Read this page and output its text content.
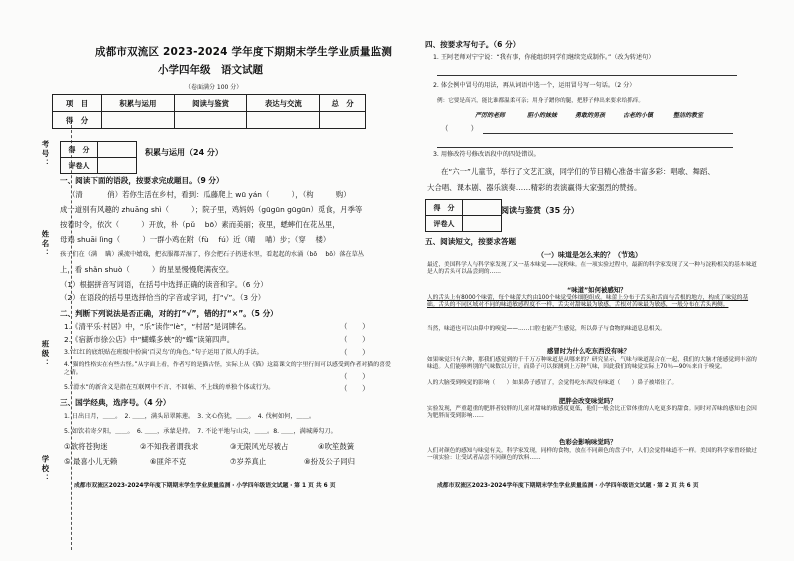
考号：
姓名：
班级：
学校：
成都市双流区 2023-2024 学年度下期期末学生学业质量监测
小学四年级　语文试题
（卷面满分 100 分）
项　目	积累与运用	阅读与鉴赏	表达与交流	总　分
得　分				
得　分	
评卷人	
积累与运用（24 分）
一、阅读下面的语段，按要求完成题目。（9 分）
（清　　　 俏）若你生活在乡村，看到：瓜藤爬上 wū yán（　　　），（构　　　购）
成一道别有风趣的 zhuāng shì（　　　）；院子里，鸡妈妈（gūgūn gūgūn）觅食，月季等
按着时令，依次（　　　）开放，朴（pǔ　 bō）素而美丽；夜里，蟋蟀们在花丛里，
母鸡 shuāi lìng（　　　）一群小鸡在附（fù　 fú）近（晴　 喵）步；（穿　 楼）
孩子们在（满　 瞒）溪流中嬉戏，把衣服都弄湿了，你会把石子扔进水里，看起起的水涌（bō　 bō）落在草丛
上，看 shǎn shuò（　　　）的星星慢慢爬满夜空。
（1）根据拼音写词语，在括号中选择正确的读音和字。（6 分）
（2）在语段的括号里选择恰当的字音或字词，打“√”。（3 分）
二、判断下列说法是否正确，对的打“√”，错的打“×”。（5 分）
1.《清平乐·村居》中，“乐”读作“lè”，“村居”是词牌名。	（　　）
2.《宿新市徐公店》中“蝴蝶多蛱”的“蝶”读第四声。	（　　）
3.“红红的底纸贴在班级中扮演‘百灵鸟’的角色。”句子运用了拟人的手法。	（　　）
4.“猫的性格实在有些古怪。”从字面上看，作者写的是猫古怪，实际上从《猫》这篇课文的字里行间可以感受到作者对猫的喜爱之情。	（　　）
5.“滑水”的新含义是指在互联网中不言、不回帖、不上线的单独个体或行为。	（　　）
三、国学经典，选序号。（4 分）
1. 日出日月，＿＿。　2. ＿＿，满头昂翠陈莲。　3. 文心伤犹，＿＿。　4. 伐柯如何，＿＿。
5. 如饮若寄夕阳，＿＿。　6. ＿＿，承蒙是持。　7. 不论平地与山尖，＿＿。8. ＿＿，满城薄勾刀。
①欲将苍狗迷	②不知我者谓我求	③无限风光尽被占	④吹笙鼓簧
⑤ 最喜小儿无赖	⑥匪斧不克	⑦岁养真止	⑧扮及公子同归
成都市双流区2023-2024学年度下期期末学生学业质量监测・小学四年级语文试题・第 1 页 共 6 页
四、按要求写句子。（6 分）
1. 王阿老师对宁宁说：“我有事，你能组织同学们继续完成制作。”（改为转述句）
2. 体会例中冒号的用法，再从词语中选一个，运用冒号写一句话。（2 分）
例：它要是高兴，能比谁都温柔可亲；用身子蹭你的腿，把脖子伸出来要求给抓痒。
严厉的老师	胆小的妹妹	勇敢的男孩	古老的小镇	整洁的教室
（　　　）
3. 用修改符号修改语段中的四处错误。
在“六一”儿童节，举行了文艺汇演，同学们的节目精心准备丰富多彩：唱歌、舞蹈、
大合唱、课本剧、器乐演奏……精彩的表演赢得大家强烈的赞扬。
得　分	
评卷人	
阅读与鉴赏（35 分）
五、阅读短文，按要求答题
（一）味道是怎么来的？（节选）
最近，美国科学人与科学家发现了又一基本味觉——淀粉味。在一项实验过程中，最新的科学家发现了又一种与淀粉相关的基本味道是人的舌头可以品尝到的……
“味道”如何被感知？
人的舌头上有8000个味蕾，每个味蕾大约由100个味觉受体细胞组成。味蕾上分布于舌头和舌面与舌根的地方，构成了味觉的基础。舌头的不同区域对不同的味道敏感程度不一样，舌尖对甜味最为敏感，舌根对苦味最为敏感，一般分布在舌头两侧。
当然，味道也可以由鼻中的嗅觉——……口腔也能产生感觉，所以鼻子与食物的味道息息相关。
感冒时为什么吃东西没有味？
如果味觉只有六种，那我们感觉到的千千万万种味道是从哪来的？研究显示，气味与味道混合在一起，我们的大脑才能感觉到丰富的味道。人们能够辨别的气味数以万计，而鼻子可以探测到上万种气味，因此我们的味觉实际上70％—90％来自于嗅觉。
人的大脑受到嗅觉的影响（　　）如果鼻子感冒了，会觉得吃东西没有味道（　　）鼻子被堵住了。
肥胖会改变味觉吗？
实验发现，严重超重的肥胖者较胖的儿童对甜味的敏感度更低，他们一般会比正常体重的人吃更多的甜食。同时对苦味的感知也会因为肥胖而受到影响……
色彩会影响味觉吗？
人们对颜色的感知与味觉有关。科学家发现，同样的食物，放在不同颜色的盘子中，人们会觉得味道不一样。美国的科学家曾经做过一项实验：让受试者品尝不同颜色的饮料……
成都市双流区2023-2024学年度下期期末学生学业质量监测・小学四年级语文试题・第 2 页 共 6 页
